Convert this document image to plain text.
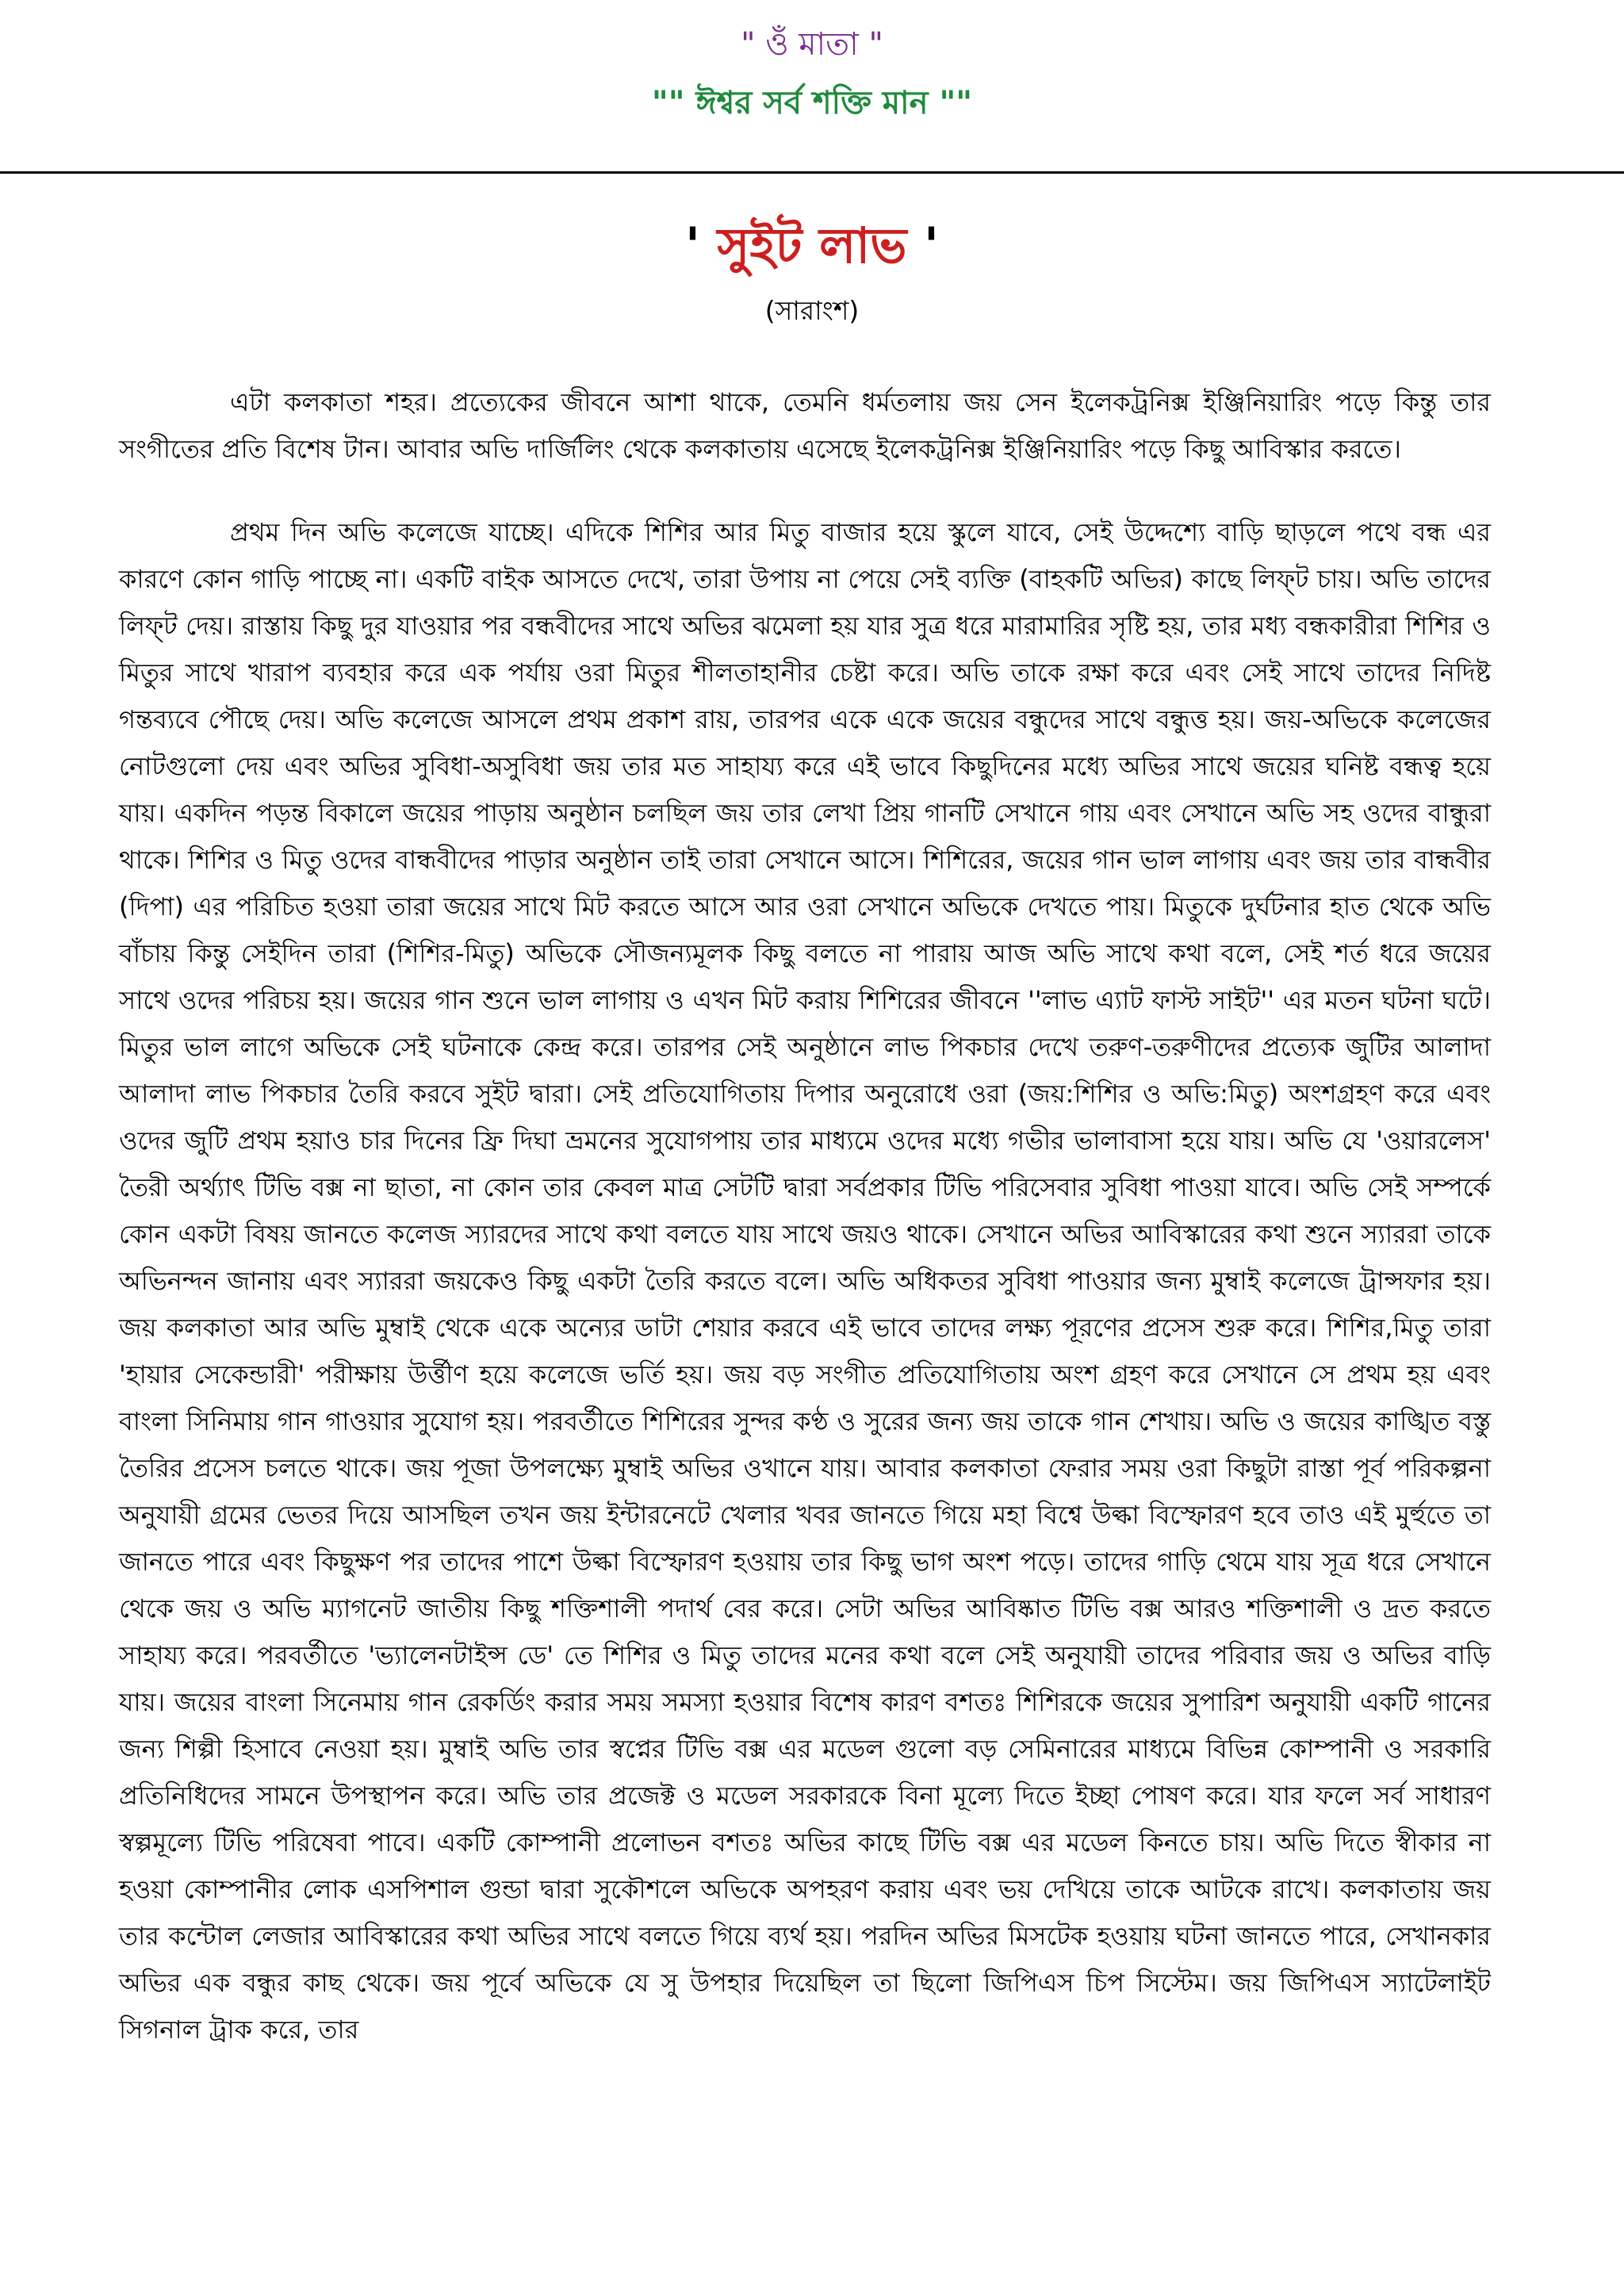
" ওঁ মাতা "
"" ঈশ্বর সর্ব শক্তি মান ""
' সুইট লাভ '
(সারাংশ)

এটা কলকাতা শহর। প্রত্যেকের জীবনে আশা থাকে, তেমনি ধর্মতলায় জয় সেন ইলেকট্রনিক্স ইঞ্জিনিয়ারিং পড়ে কিন্তু তার সংগীতের প্রতি বিশেষ টান। আবার অভি দার্জিলিং থেকে কলকাতায় এসেছে ইলেকট্রনিক্স ইঞ্জিনিয়ারিং পড়ে কিছু আবিস্কার করতে।

প্রথম দিন অভি কলেজে যাচ্ছে। এদিকে শিশির আর মিতু বাজার হয়ে স্কুলে যাবে, সেই উদ্দেশ্যে বাড়ি ছাড়লে পথে বন্ধ এর কারণে কোন গাড়ি পাচ্ছে না। একটি বাইক আসতে দেখে, তারা উপায় না পেয়ে সেই ব্যক্তি (বাহকটি অভির) কাছে লিফ্‌ট চায়। অভি তাদের লিফ্‌ট দেয়। রাস্তায় কিছু দুর যাওয়ার পর বন্ধবীদের সাথে অভির ঝমেলা হয় যার সুত্র ধরে মারামারির সৃষ্টি হয়, তার মধ্য বন্ধকারীরা শিশির ও মিতুর সাথে খারাপ ব্যবহার করে এক পর্যায় ওরা মিতুর শীলতাহানীর চেষ্টা করে। অভি তাকে রক্ষা করে এবং সেই সাথে তাদের নিদিষ্ট গন্তব্যবে পৌছে দেয়। অভি কলেজে আসলে প্রথম প্রকাশ রায়, তারপর একে একে জয়ের বন্ধুদের সাথে বন্ধুত্ত হয়। জয়-অভিকে কলেজের নোটগুলো দেয় এবং অভির সুবিধা-অসুবিধা জয় তার মত সাহায্য করে এই ভাবে কিছুদিনের মধ্যে অভির সাথে জয়ের ঘনিষ্ট বন্ধত্ব হয়ে যায়। একদিন পড়ন্ত বিকালে জয়ের পাড়ায় অনুষ্ঠান চলছিল জয় তার লেখা প্রিয় গানটি সেখানে গায় এবং সেখানে অভি সহ ওদের বান্ধুরা থাকে। শিশির ও মিতু ওদের বান্ধবীদের পাড়ার অনুষ্ঠান তাই তারা সেখানে আসে। শিশিরের, জয়ের গান ভাল লাগায় এবং জয় তার বান্ধবীর (দিপা) এর পরিচিত হওয়া তারা জয়ের সাথে মিট করতে আসে আর ওরা সেখানে অভিকে দেখতে পায়। মিতুকে দুর্ঘটনার হাত থেকে অভি বাঁচায় কিন্তু সেইদিন তারা (শিশির-মিতু) অভিকে সৌজন্যমূলক কিছু বলতে না পারায় আজ অভি সাথে কথা বলে, সেই শর্ত ধরে জয়ের সাথে ওদের পরিচয় হয়। জয়ের গান শুনে ভাল লাগায় ও এখন মিট করায় শিশিরের জীবনে ''লাভ এ্যাট ফাস্ট সাইট'' এর মতন ঘটনা ঘটে। মিতুর ভাল লাগে অভিকে সেই ঘটনাকে কেন্দ্র করে। তারপর সেই অনুষ্ঠানে লাভ পিকচার দেখে তরুণ-তরুণীদের প্রত্যেক জুটির আলাদা আলাদা লাভ পিকচার তৈরি করবে সুইট দ্বারা। সেই প্রতিযোগিতায় দিপার অনুরোধে ওরা (জয়:শিশির ও অভি:মিতু) অংশগ্রহণ করে এবং ওদের জুটি প্রথম হয়াও চার দিনের ফ্রি দিঘা ভ্রমনের সুযোগপায় তার মাধ্যমে ওদের মধ্যে গভীর ভালাবাসা হয়ে যায়। অভি যে 'ওয়ারলেস' তৈরী অর্থ্যাৎ টিভি বক্স না ছাতা, না কোন তার কেবল মাত্র সেটটি দ্বারা সর্বপ্রকার টিভি পরিসেবার সুবিধা পাওয়া যাবে। অভি সেই সম্পর্কে কোন একটা বিষয় জানতে কলেজ স্যারদের সাথে কথা বলতে যায় সাথে জয়ও থাকে। সেখানে অভির আবিস্কারের কথা শুনে স্যাররা তাকে অভিনন্দন জানায় এবং স্যাররা জয়কেও কিছু একটা তৈরি করতে বলে। অভি অধিকতর সুবিধা পাওয়ার জন্য মুম্বাই কলেজে ট্রান্সফার হয়। জয় কলকাতা আর অভি মুম্বাই থেকে একে অন্যের ডাটা শেয়ার করবে এই ভাবে তাদের লক্ষ্য পূরণের প্রসেস শুরু করে। শিশির,মিতু তারা 'হায়ার সেকেন্ডারী' পরীক্ষায় উর্ত্তীণ হয়ে কলেজে ভর্তি হয়। জয় বড় সংগীত প্রতিযোগিতায় অংশ গ্রহণ করে সেখানে সে প্রথম হয় এবং বাংলা সিনিমায় গান গাওয়ার সুযোগ হয়। পরবর্তীতে শিশিরের সুন্দর কণ্ঠ ও সুরের জন্য জয় তাকে গান শেখায়। অভি ও জয়ের কাঙ্খিত বস্তু তৈরির প্রসেস চলতে থাকে। জয় পূজা উপলক্ষ্যে মুম্বাই অভির ওখানে যায়। আবার কলকাতা ফেরার সময় ওরা কিছুটা রাস্তা পূর্ব পরিকল্পনা অনুযায়ী গ্রমের ভেতর দিয়ে আসছিল তখন জয় ইন্টারনেটে খেলার খবর জানতে গিয়ে মহা বিশ্বে উল্কা বিস্ফোরণ হবে তাও এই মুর্হুতে তা জানতে পারে এবং কিছুক্ষণ পর তাদের পাশে উল্কা বিস্ফোরণ হওয়ায় তার কিছু ভাগ অংশ পড়ে। তাদের গাড়ি থেমে যায় সূত্র ধরে সেখানে থেকে জয় ও অভি ম্যাগনেট জাতীয় কিছু শক্তিশালী পদার্থ বের করে। সেটা অভির আবিষ্কাত টিভি বক্স আরও শক্তিশালী ও দ্রত করতে সাহায্য করে। পরবর্তীতে 'ভ্যালেনটাইন্স ডে' তে শিশির ও মিতু তাদের মনের কথা বলে সেই অনুযায়ী তাদের পরিবার জয় ও অভির বাড়ি যায়। জয়ের বাংলা সিনেমায় গান রেকর্ডিং করার সময় সমস্যা হওয়ার বিশেষ কারণ বশতঃ শিশিরকে জয়ের সুপারিশ অনুযায়ী একটি গানের জন্য শিল্পী হিসাবে নেওয়া হয়। মুম্বাই অভি তার স্বপ্নের টিভি বক্স এর মডেল গুলো বড় সেমিনারের মাধ্যমে বিভিন্ন কোম্পানী ও সরকারি প্রতিনিধিদের সামনে উপস্থাপন করে। অভি তার প্রজেক্ট ও মডেল সরকারকে বিনা মূল্যে দিতে ইচ্ছা পোষণ করে। যার ফলে সর্ব সাধারণ স্বল্পমূল্যে টিভি পরিষেবা পাবে। একটি কোম্পানী প্রলোভন বশতঃ অভির কাছে টিভি বক্স এর মডেল কিনতে চায়। অভি দিতে স্বীকার না হওয়া কোম্পানীর লোক এসপিশাল গুন্ডা দ্বারা সুকৌশলে অভিকে অপহরণ করায় এবং ভয় দেখিয়ে তাকে আটকে রাখে। কলকাতায় জয় তার কন্টোল লেজার আবিস্কারের কথা অভির সাথে বলতে গিয়ে ব্যর্থ হয়। পরদিন অভির মিসটেক হওয়ায় ঘটনা জানতে পারে, সেখানকার অভির এক বন্ধুর কাছ থেকে। জয় পূর্বে অভিকে যে সু উপহার দিয়েছিল তা ছিলো জিপিএস চিপ সিস্টেম। জয় জিপিএস স্যাটেলাইট সিগনাল ট্রাক করে, তার
